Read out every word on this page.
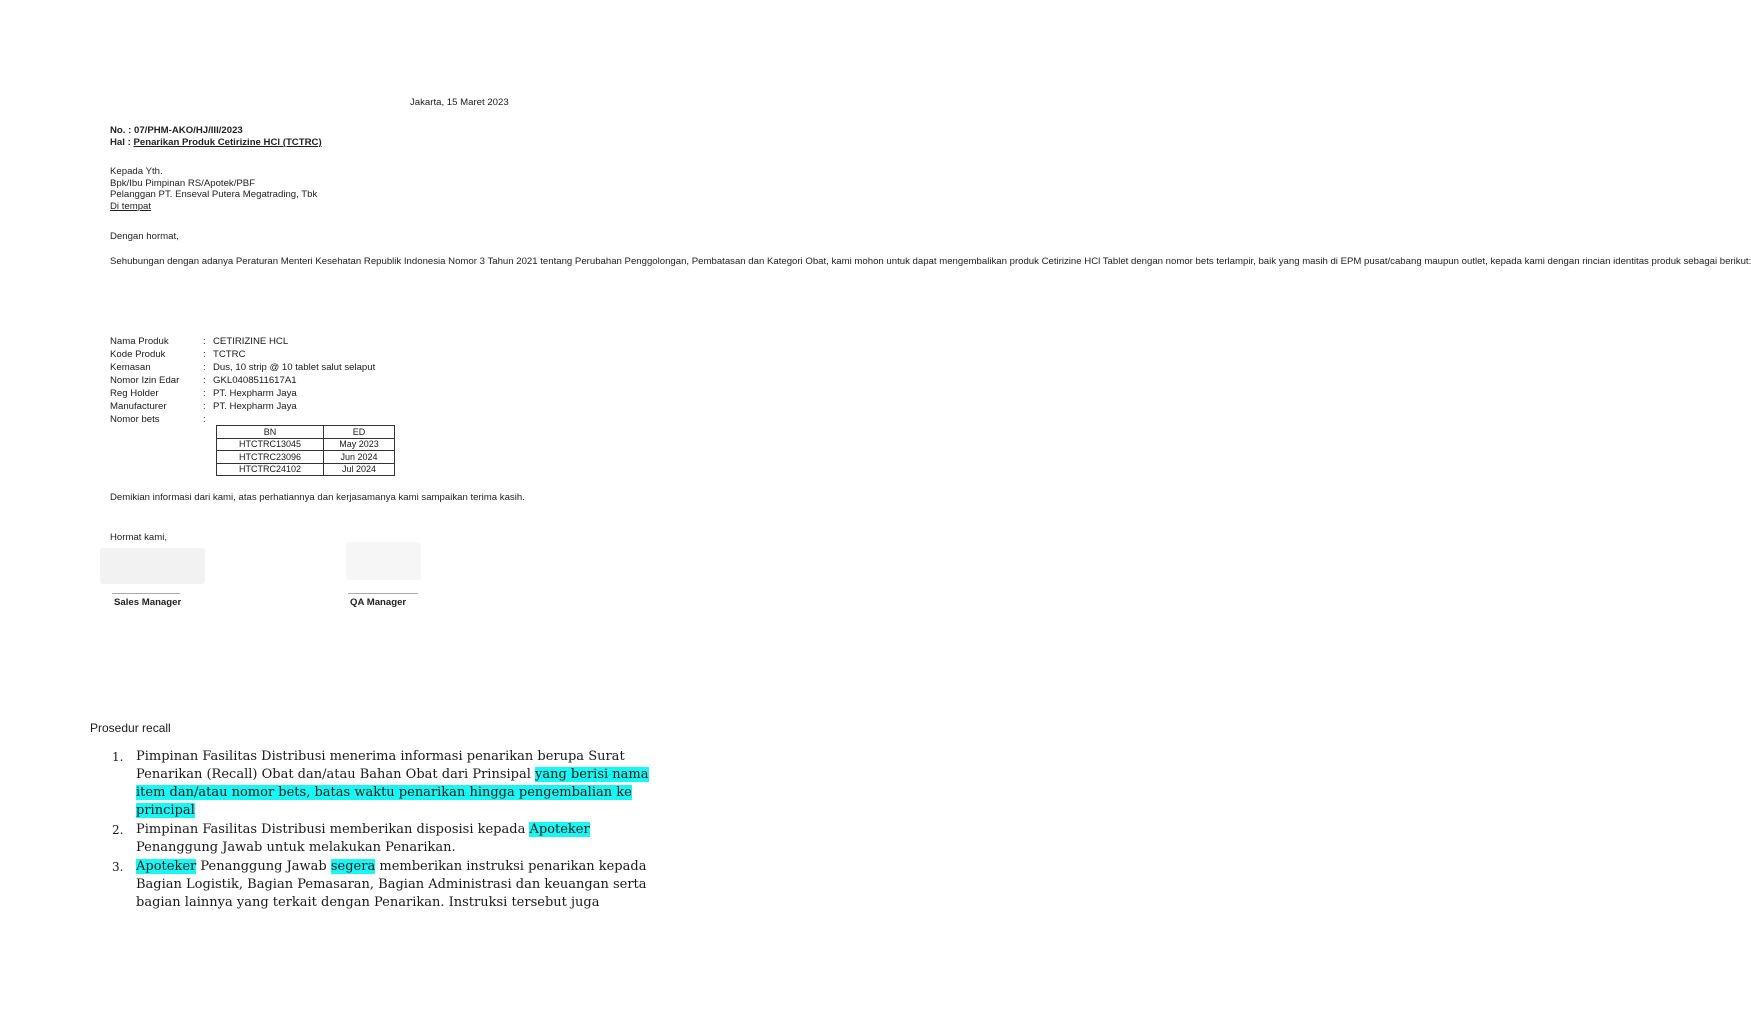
Jakarta, 15 Maret 2023
No. : 07/PHM-AKO/HJ/III/2023
Hal : Penarikan Produk Cetirizine HCl (TCTRC)
Kepada Yth.
Bpk/Ibu Pimpinan RS/Apotek/PBF
Pelanggan PT. Enseval Putera Megatrading, Tbk
Di tempat
Dengan hormat,
Sehubungan dengan adanya Peraturan Menteri Kesehatan Republik Indonesia Nomor 3 Tahun 2021 tentang Perubahan Penggolongan, Pembatasan dan Kategori Obat, kami mohon untuk dapat mengembalikan produk Cetirizine HCl Tablet dengan nomor bets terlampir, baik yang masih di EPM pusat/cabang maupun outlet, kepada kami dengan rincian identitas produk sebagai berikut:
Nama Produk	: CETIRIZINE HCL
Kode Produk	: TCTRC
Kemasan	: Dus, 10 strip @ 10 tablet salut selaput
Nomor Izin Edar	: GKL0408511617A1
Reg Holder	: PT. Hexpharm Jaya
Manufacturer	: PT. Hexpharm Jaya
Nomor bets	:
BN	ED
HTCTRC13045	May 2023
HTCTRC23096	Jun 2024
HTCTRC24102	Jul 2024
Demikian informasi dari kami, atas perhatiannya dan kerjasamanya kami sampaikan terima kasih.
Hormat kami,
Sales Manager	QA Manager
Prosedur recall
1. Pimpinan Fasilitas Distribusi menerima informasi penarikan berupa Surat Penarikan (Recall) Obat dan/atau Bahan Obat dari Prinsipal yang berisi nama item dan/atau nomor bets, batas waktu penarikan hingga pengembalian ke principal
2. Pimpinan Fasilitas Distribusi memberikan disposisi kepada Apoteker Penanggung Jawab untuk melakukan Penarikan.
3. Apoteker Penanggung Jawab segera memberikan instruksi penarikan kepada Bagian Logistik, Bagian Pemasaran, Bagian Administrasi dan keuangan serta bagian lainnya yang terkait dengan Penarikan. Instruksi tersebut juga
